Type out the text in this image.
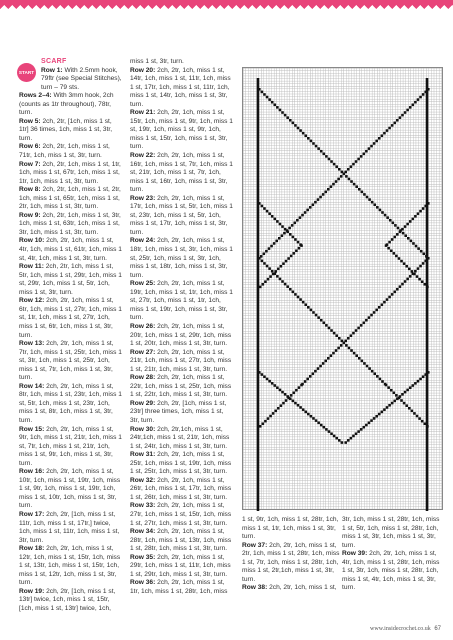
START
SCARF

Row 1: With 2.5mm hook, 79ftr (see Special Stitches), turn – 79 sts.

Rows 2–4: With 3mm hook, 2ch (counts as 1tr throughout), 78tr, turn.

Row 5: 2ch, 2tr, [1ch, miss 1 st, 1tr] 36 times, 1ch, miss 1 st, 3tr, turn.

Row 6: 2ch, 2tr, 1ch, miss 1 st, 71tr, 1ch, miss 1 st, 3tr, turn.

Row 7: 2ch, 2tr, 1ch, miss 1 st, 1tr, 1ch, miss 1 st, 67tr, 1ch, miss 1 st, 1tr, 1ch, miss 1 st, 3tr, turn.

Row 8: 2ch, 2tr, 1ch, miss 1 st, 2tr, 1ch, miss 1 st, 65tr, 1ch, miss 1 st, 2tr, 1ch, miss 1 st, 3tr, turn.

Row 9: 2ch, 2tr, 1ch, miss 1 st, 3tr, 1ch, miss 1 st, 63tr, 1ch, miss 1 st, 3tr, 1ch, miss 1 st, 3tr, turn.

Row 10: 2ch, 2tr, 1ch, miss 1 st, 4tr, 1ch, miss 1 st, 61tr, 1ch, miss 1 st, 4tr, 1ch, miss 1 st, 3tr, turn.

Row 11: 2ch, 2tr, 1ch, miss 1 st, 5tr, 1ch, miss 1 st, 29tr, 1ch, miss 1 st, 29tr, 1ch, miss 1 st, 5tr, 1ch, miss 1 st, 3tr, turn.

Row 12: 2ch, 2tr, 1ch, miss 1 st, 6tr, 1ch, miss 1 st, 27tr, 1ch, miss 1 st, 1tr, 1ch, miss 1 st, 27tr, 1ch, miss 1 st, 6tr, 1ch, miss 1 st, 3tr, turn.

Row 13: 2ch, 2tr, 1ch, miss 1 st, 7tr, 1ch, miss 1 st, 25tr, 1ch, miss 1 st, 3tr, 1ch, miss 1 st, 25tr, 1ch, miss 1 st, 7tr, 1ch, miss 1 st, 3tr, turn.

Row 14: 2ch, 2tr, 1ch, miss 1 st, 8tr, 1ch, miss 1 st, 23tr, 1ch, miss 1 st, 5tr, 1ch, miss 1 st, 23tr, 1ch, miss 1 st, 8tr, 1ch, miss 1 st, 3tr, turn.

Row 15: 2ch, 2tr, 1ch, miss 1 st, 9tr, 1ch, miss 1 st, 21tr, 1ch, miss 1 st, 7tr, 1ch, miss 1 st, 21tr, 1ch, miss 1 st, 9tr, 1ch, miss 1 st, 3tr, turn.

Row 16: 2ch, 2tr, 1ch, miss 1 st, 10tr, 1ch, miss 1 st, 19tr, 1ch, miss 1 st, 9tr, 1ch, miss 1 st, 19tr, 1ch, miss 1 st, 10tr, 1ch, miss 1 st, 3tr, turn.

Row 17: 2ch, 2tr, [1ch, miss 1 st, 11tr, 1ch, miss 1 st, 17tr,] twice, 1ch, miss 1 st, 11tr, 1ch, miss 1 st, 3tr, turn.

Row 18: 2ch, 2tr, 1ch, miss 1 st, 12tr, 1ch, miss 1 st, 15tr, 1ch, miss 1 st, 13tr, 1ch, miss 1 st, 15tr, 1ch, miss 1 st, 12tr, 1ch, miss 1 st, 3tr, turn.

Row 19: 2ch, 2tr, [1ch, miss 1 st, 13tr] twice, 1ch, miss 1 st, 15tr, [1ch, miss 1 st, 13tr] twice, 1ch,

miss 1 st, 3tr, turn.

Row 20: 2ch, 2tr, 1ch, miss 1 st, 14tr, 1ch, miss 1 st, 11tr, 1ch, miss 1 st, 17tr, 1ch, miss 1 st, 11tr, 1ch, miss 1 st, 14tr, 1ch, miss 1 st, 3tr, turn.

Row 21: 2ch, 2tr, 1ch, miss 1 st, 15tr, 1ch, miss 1 st, 9tr, 1ch, miss 1 st, 19tr, 1ch, miss 1 st, 9tr, 1ch, miss 1 st, 15tr, 1ch, miss 1 st, 3tr, turn.

Row 22: 2ch, 2tr, 1ch, miss 1 st, 16tr, 1ch, miss 1 st, 7tr, 1ch, miss 1 st, 21tr, 1ch, miss 1 st, 7tr, 1ch, miss 1 st, 16tr, 1ch, miss 1 st, 3tr, turn.

Row 23: 2ch, 2tr, 1ch, miss 1 st, 17tr, 1ch, miss 1 st, 5tr, 1ch, miss 1 st, 23tr, 1ch, miss 1 st, 5tr, 1ch, miss 1 st, 17tr, 1ch, miss 1 st, 3tr, turn.

Row 24: 2ch, 2tr, 1ch, miss 1 st, 18tr, 1ch, miss 1 st, 3tr, 1ch, miss 1 st, 25tr, 1ch, miss 1 st, 3tr, 1ch, miss 1 st, 18tr, 1ch, miss 1 st, 3tr, turn.

Row 25: 2ch, 2tr, 1ch, miss 1 st, 19tr, 1ch, miss 1 st, 1tr, 1ch, miss 1 st, 27tr, 1ch, miss 1 st, 1tr, 1ch, miss 1 st, 19tr, 1ch, miss 1 st, 3tr, turn.

Row 26: 2ch, 2tr, 1ch, miss 1 st, 20tr, 1ch, miss 1 st, 29tr, 1ch, miss 1 st, 20tr, 1ch, miss 1 st, 3tr, turn.

Row 27: 2ch, 2tr, 1ch, miss 1 st, 21tr, 1ch, miss 1 st, 27tr, 1ch, miss 1 st, 21tr, 1ch, miss 1 st, 3tr, turn.

Row 28: 2ch, 2tr, 1ch, miss 1 st, 22tr, 1ch, miss 1 st, 25tr, 1ch, miss 1 st, 22tr, 1ch, miss 1 st, 3tr, turn.

Row 29: 2ch, 2tr, [1ch, miss 1 st, 23tr] three times, 1ch, miss 1 st, 3tr, turn.

Row 30: 2ch, 2tr,1ch, miss 1 st, 24tr,1ch, miss 1 st, 21tr, 1ch, miss 1 st, 24tr, 1ch, miss 1 st, 3tr, turn.

Row 31: 2ch, 2tr, 1ch, miss 1 st, 25tr, 1ch, miss 1 st, 19tr, 1ch, miss 1 st, 25tr, 1ch, miss 1 st, 3tr, turn.

Row 32: 2ch, 2tr, 1ch, miss 1 st, 26tr, 1ch, miss 1 st, 17tr, 1ch, miss 1 st, 26tr, 1ch, miss 1 st, 3tr, turn.

Row 33: 2ch, 2tr, 1ch, miss 1 st, 27tr, 1ch, miss 1 st, 15tr, 1ch, miss 1 st, 27tr, 1ch, miss 1 st, 3tr, turn.

Row 34: 2ch, 2tr, 1ch, miss 1 st, 28tr, 1ch, miss 1 st, 13tr, 1ch, miss 1 st, 28tr, 1ch, miss 1 st, 3tr, turn.

Row 35: 2ch, 2tr, 1ch, miss 1 st, 29tr, 1ch, miss 1 st, 11tr, 1ch, miss 1 st, 29tr, 1ch, miss 1 st, 3tr, turn.

Row 36: 2ch, 2tr, 1ch, miss 1 st, 1tr, 1ch, miss 1 st, 28tr, 1ch, miss

1 st, 9tr, 1ch, miss 1 st, 28tr, 1ch, miss 1 st, 1tr, 1ch, miss 1 st, 3tr, turn.

Row 37: 2ch, 2tr, 1ch, miss 1 st, 2tr, 1ch, miss 1 st, 28tr, 1ch, miss 1 st, 7tr, 1ch, miss 1 st, 28tr, 1ch, miss 1 st, 2tr,1ch, miss 1 st, 3tr, turn.

Row 38: 2ch, 2tr, 1ch, miss 1 st,

3tr, 1ch, miss 1 st, 28tr, 1ch, miss 1 st, 5tr, 1ch, miss 1 st, 28tr, 1ch, miss 1 st, 3tr, 1ch, miss 1 st, 3tr, turn.

Row 39: 2ch, 2tr, 1ch, miss 1 st, 4tr, 1ch, miss 1 st, 28tr, 1ch, miss 1 st, 3tr, 1ch, miss 1 st, 28tr, 1ch, miss 1 st, 4tr, 1ch, miss 1 st, 3tr, turn.

www.insidecrochet.co.uk 67
